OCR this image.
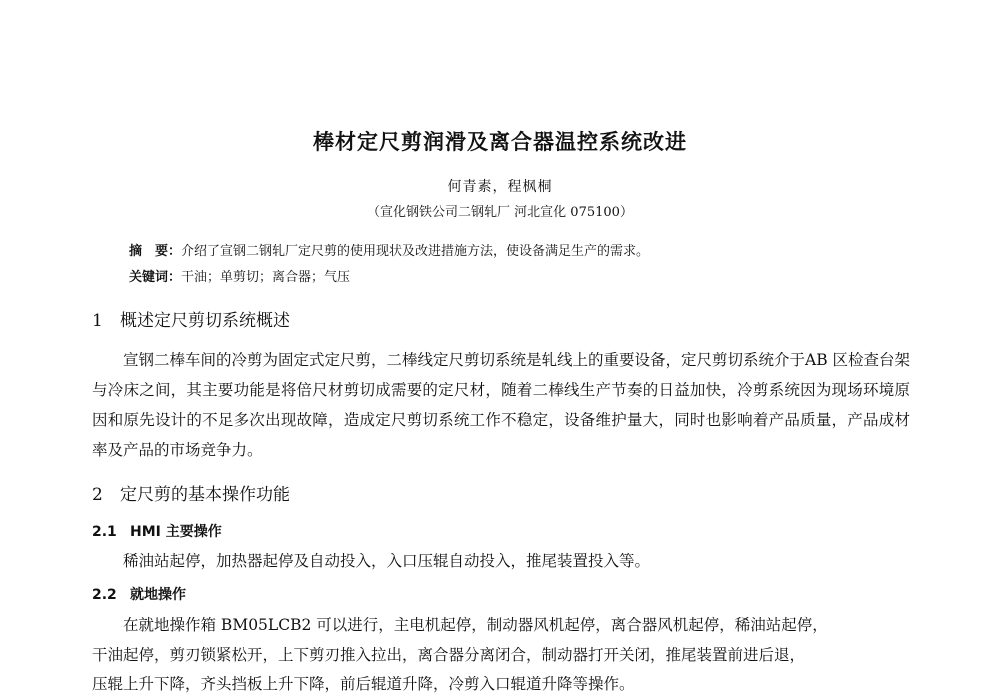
棒材定尺剪润滑及离合器温控系统改进
何青素，程枫桐
（宣化钢铁公司二钢轧厂 河北宣化 075100）
摘　要：介绍了宣钢二钢轧厂定尺剪的使用现状及改进措施方法，使设备满足生产的需求。
关键词：干油；单剪切；离合器；气压
1 概述定尺剪切系统概述
宣钢二棒车间的冷剪为固定式定尺剪，二棒线定尺剪切系统是轧线上的重要设备，定尺剪切系统介于AB 区检查台架与冷床之间，其主要功能是将倍尺材剪切成需要的定尺材，随着二棒线生产节奏的日益加快，冷剪系统因为现场环境原因和原先设计的不足多次出现故障，造成定尺剪切系统工作不稳定，设备维护量大，同时也影响着产品质量，产品成材率及产品的市场竞争力。
2 定尺剪的基本操作功能
2.1 HMI 主要操作
稀油站起停，加热器起停及自动投入，入口压辊自动投入，推尾装置投入等。
2.2 就地操作
在就地操作箱 BM05LCB2 可以进行，主电机起停，制动器风机起停，离合器风机起停，稀油站起停，
干油起停，剪刃锁紧松开，上下剪刃推入拉出，离合器分离闭合，制动器打开关闭，推尾装置前进后退，
压辊上升下降，齐头挡板上升下降，前后辊道升降，冷剪入口辊道升降等操作。
